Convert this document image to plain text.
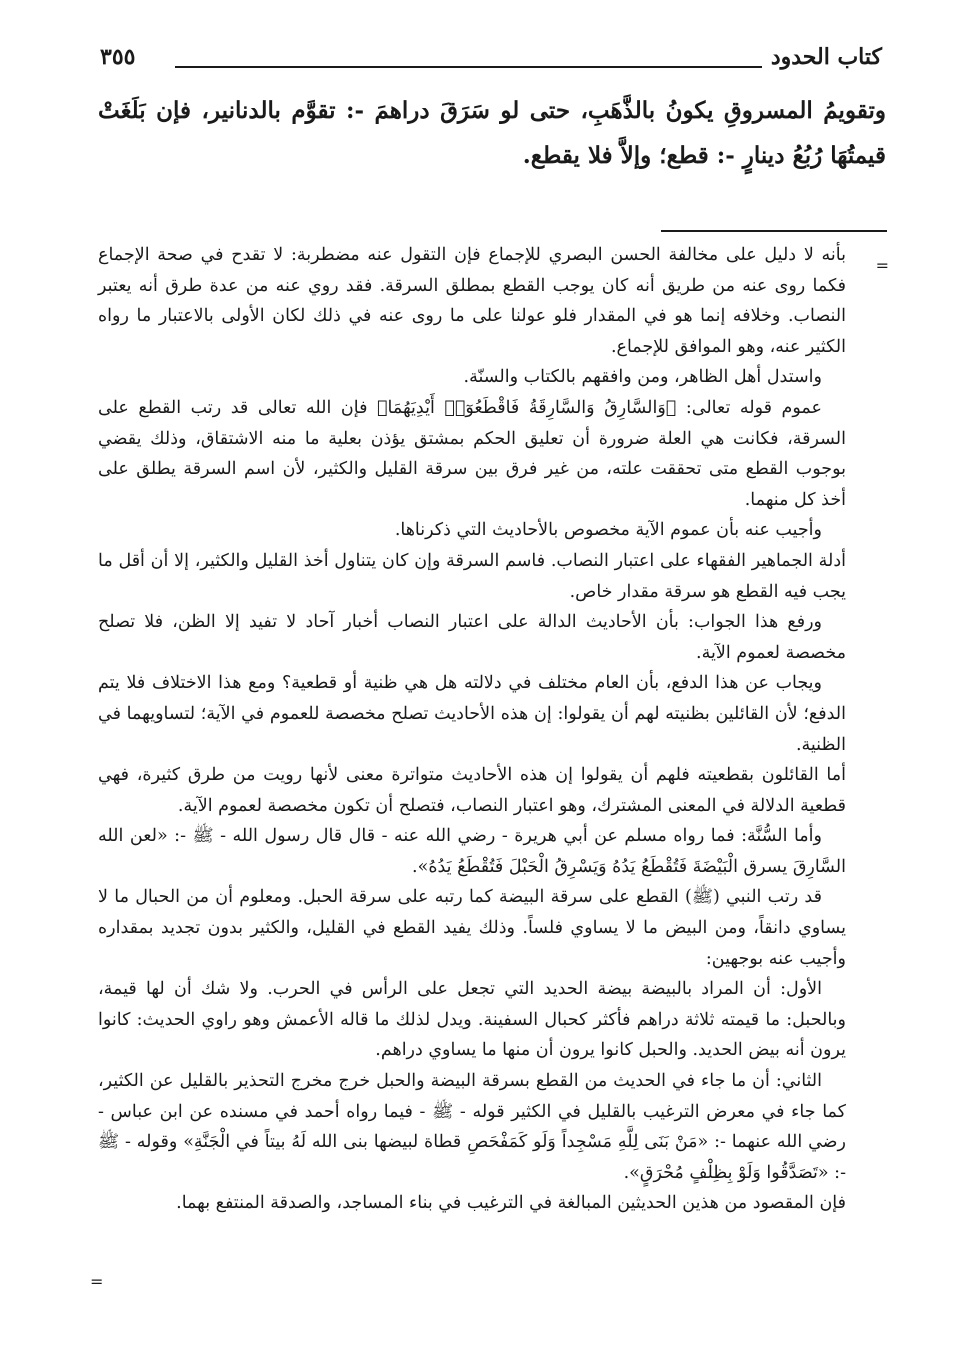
كتاب الحدود
٣٥٥

وتقويمُ المسروقِ يكونُ بالذَّهَبِ، حتى لو سَرَقَ دراهمَ -: تقوَّم بالدنانير، فإن بَلَغَتْ قيمتُهَا رُبُعُ دينارٍ -: قطع؛ وإلاَّ فلا يقطع.

=

بأنه لا دليل على مخالفة الحسن البصري للإجماع فإن التقول عنه مضطربة: لا تقدح في صحة الإجماع فكما روى عنه من طريق أنه كان يوجب القطع بمطلق السرقة. فقد روي عنه من عدة طرق أنه يعتبر النصاب. وخلافه إنما هو في المقدار فلو عولنا على ما روى عنه في ذلك لكان الأولى بالاعتبار ما رواه الكثير عنه، وهو الموافق للإجماع.

واستدل أهل الظاهر، ومن وافقهم بالكتاب والسنّة.

عموم قوله تعالى: ﴿وَالسَّارِقُ وَالسَّارِقَةُ فَاقْطَعُوٓا۟ أَيْدِيَهُمَا﴾ فإن الله تعالى قد رتب القطع على السرقة، فكانت هي العلة ضرورة أن تعليق الحكم بمشتق يؤذن بعلية ما منه الاشتقاق، وذلك يقضي بوجوب القطع متى تحققت علته، من غير فرق بين سرقة القليل والكثير، لأن اسم السرقة يطلق على أخذ كل منهما.

وأجيب عنه بأن عموم الآية مخصوص بالأحاديث التي ذكرناها.

أدلة الجماهير الفقهاء على اعتبار النصاب. فاسم السرقة وإن كان يتناول أخذ القليل والكثير، إلا أن أقل ما يجب فيه القطع هو سرقة مقدار خاص.

ورفع هذا الجواب: بأن الأحاديث الدالة على اعتبار النصاب أخبار آحاد لا تفيد إلا الظن، فلا تصلح مخصصة لعموم الآية.

ويجاب عن هذا الدفع، بأن العام مختلف في دلالته هل هي ظنية أو قطعية؟ ومع هذا الاختلاف فلا يتم الدفع؛ لأن القائلين بظنيته لهم أن يقولوا: إن هذه الأحاديث تصلح مخصصة للعموم في الآية؛ لتساويهما في الظنية.

أما القائلون بقطعيته فلهم أن يقولوا إن هذه الأحاديث متواترة معنى لأنها رويت من طرق كثيرة، فهي قطعية الدلالة في المعنى المشترك، وهو اعتبار النصاب، فتصلح أن تكون مخصصة لعموم الآية.

وأما السُّنَّة: فما رواه مسلم عن أبي هريرة - رضي الله عنه - قال قال رسول الله - ﷺ -: «لعن الله السَّارِقَ يسرق الْبَيْضَةَ فَتُقْطَعُ يَدُهُ وَيَسْرِقُ الْحَبْلَ فَتُقْطَعُ يَدُهُ».

قد رتب النبي (ﷺ) القطع على سرقة البيضة كما رتبه على سرقة الحبل. ومعلوم أن من الحبال ما لا يساوي دانقاً، ومن البيض ما لا يساوي فلساً. وذلك يفيد القطع في القليل، والكثير بدون تجديد بمقداره وأجيب عنه بوجهين:

الأول: أن المراد بالبيضة بيضة الحديد التي تجعل على الرأس في الحرب. ولا شك أن لها قيمة، وبالحبل: ما قيمته ثلاثة دراهم فأكثر كحبال السفينة. ويدل لذلك ما قاله الأعمش وهو راوي الحديث: كانوا يرون أنه بيض الحديد. والحبل كانوا يرون أن منها ما يساوي دراهم.

الثاني: أن ما جاء في الحديث من القطع بسرقة البيضة والحبل خرج مخرج التحذير بالقليل عن الكثير، كما جاء في معرض الترغيب بالقليل في الكثير قوله - ﷺ - فيما رواه أحمد في مسنده عن ابن عباس - رضي الله عنهما -: «مَنْ بَنَى لِلَّهِ مَسْجِداً وَلَو كَمَفْحَصِ قطاة لبيضها بنى الله لَهُ بيتاً في الْجَنَّةِ» وقوله - ﷺ -: «تَصَدَّقُوا وَلَوْ بِظِلْفٍ مُحْرَقٍ».

فإن المقصود من هذين الحديثين المبالغة في الترغيب في بناء المساجد، والصدقة المنتفع بهما.

=
